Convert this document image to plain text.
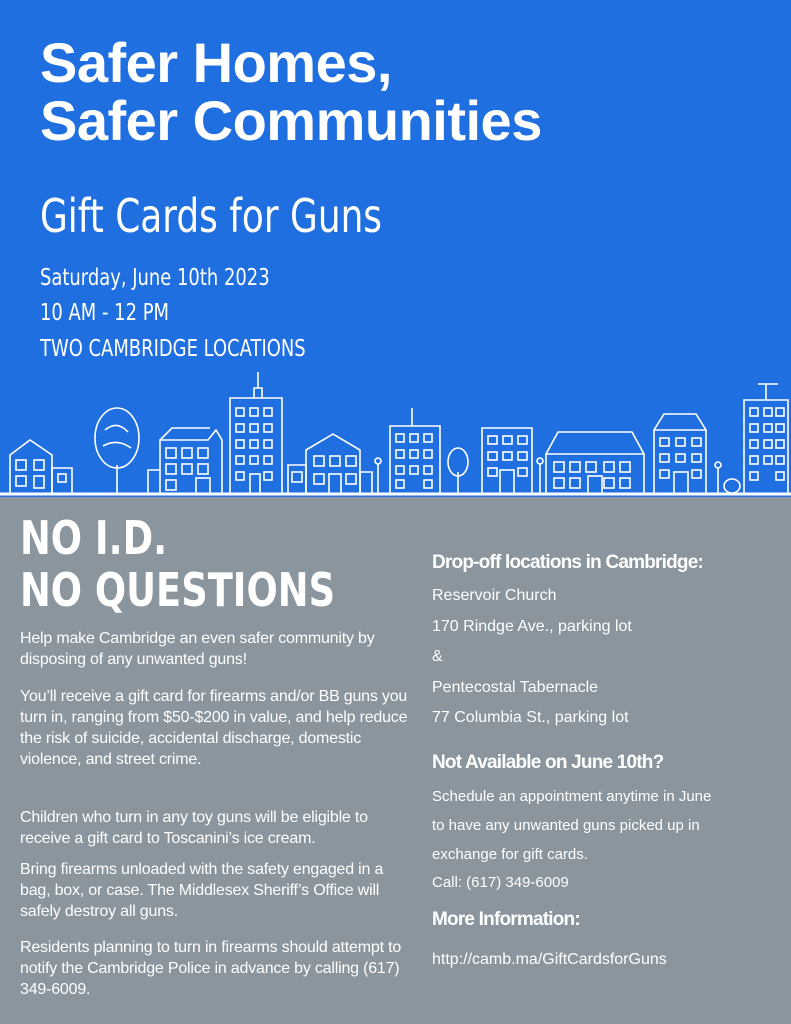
Safer Homes,
Safer Communities
Gift Cards for Guns
Saturday, June 10th 2023
10 AM - 12 PM
TWO CAMBRIDGE LOCATIONS
NO I.D.
NO QUESTIONS

Help make Cambridge an even safer community by disposing of any unwanted guns!

You’ll receive a gift card for firearms and/or BB guns you turn in, ranging from $50-$200 in value, and help reduce the risk of suicide, accidental discharge, domestic violence, and street crime.

Children who turn in any toy guns will be eligible to receive a gift card to Toscanini’s ice cream.

Bring firearms unloaded with the safety engaged in a bag, box, or case. The Middlesex Sheriff’s Office will safely destroy all guns.

Residents planning to turn in firearms should attempt to notify the Cambridge Police in advance by calling (617) 349-6009.

Drop-off locations in Cambridge:
Reservoir Church
170 Rindge Ave., parking lot
&
Pentecostal Tabernacle
77 Columbia St., parking lot
Not Available on June 10th?
Schedule an appointment anytime in June
to have any unwanted guns picked up in
exchange for gift cards.
Call: (617) 349-6009
More Information:
http://camb.ma/GiftCardsforGuns
